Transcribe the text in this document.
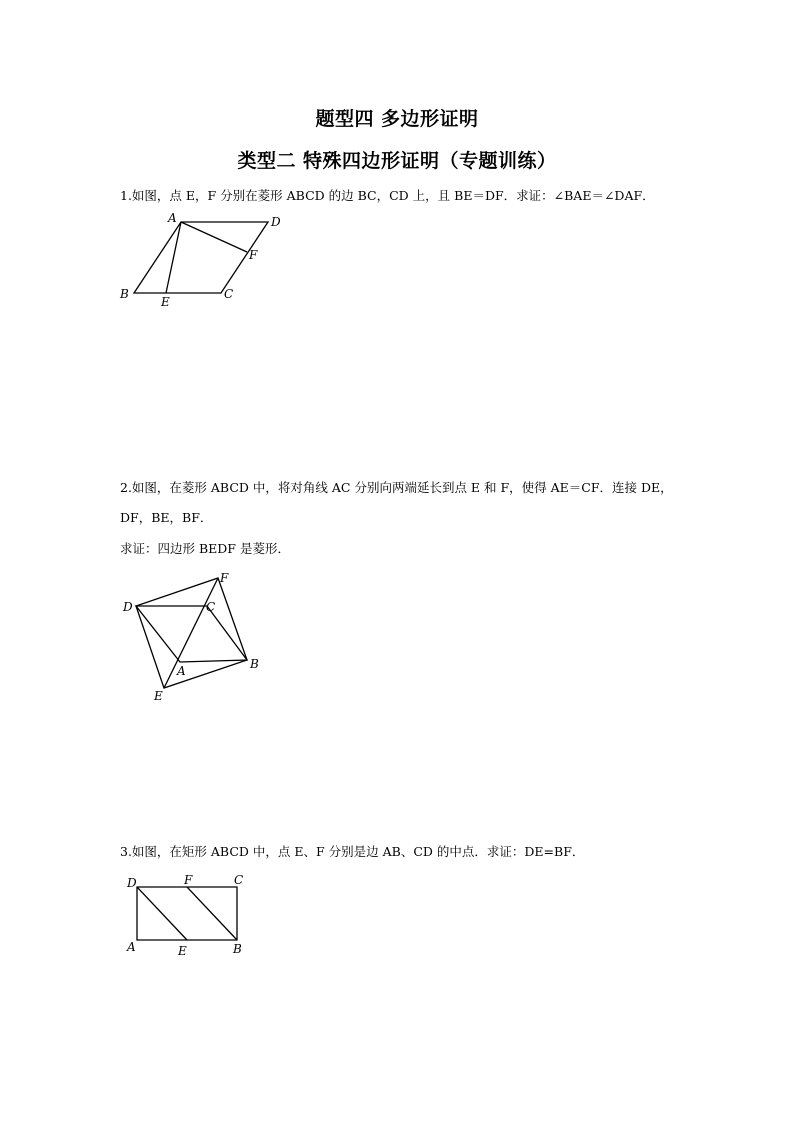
题型四 多边形证明
类型二 特殊四边形证明（专题训练）
1.如图，点 E，F 分别在菱形 ABCD 的边 BC，CD 上，且 BE＝DF．求证：∠BAE＝∠DAF．
A	D
F
B
E
C
2.如图，在菱形 ABCD 中，将对角线 AC 分别向两端延长到点 E 和 F，使得 AE＝CF．连接 DE，
DF，BE，BF．
求证：四边形 BEDF 是菱形．
F
D	C
A	B
E
3.如图，在矩形 ABCD 中，点 E、F 分别是边 AB、CD 的中点．求证：DE=BF．
D	F	C
A	E	B
